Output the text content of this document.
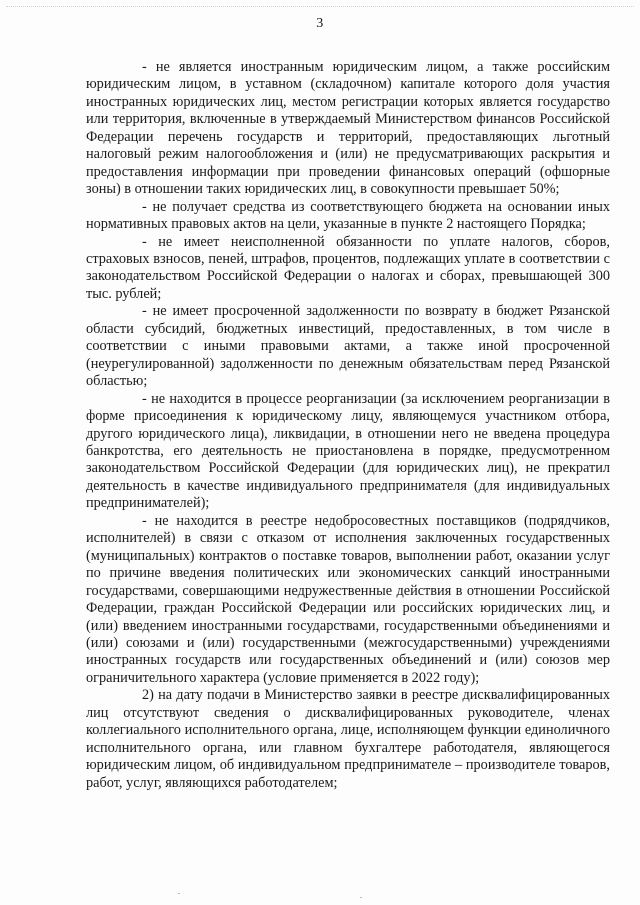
3

- не является иностранным юридическим лицом, а также российским юридическим лицом, в уставном (складочном) капитале которого доля участия иностранных юридических лиц, местом регистрации которых является государство или территория, включенные в утверждаемый Министерством финансов Российской Федерации перечень государств и территорий, предоставляющих льготный налоговый режим налогообложения и (или) не предусматривающих раскрытия и предоставления информации при проведении финансовых операций (офшорные зоны) в отношении таких юридических лиц, в совокупности превышает 50%;

- не получает средства из соответствующего бюджета на основании иных нормативных правовых актов на цели, указанные в пункте 2 настоящего Порядка;

- не имеет неисполненной обязанности по уплате налогов, сборов, страховых взносов, пеней, штрафов, процентов, подлежащих уплате в соответствии с законодательством Российской Федерации о налогах и сборах, превышающей 300 тыс. рублей;

- не имеет просроченной задолженности по возврату в бюджет Рязанской области субсидий, бюджетных инвестиций, предоставленных, в том числе в соответствии с иными правовыми актами, а также иной просроченной (неурегулированной) задолженности по денежным обязательствам перед Рязанской областью;

- не находится в процессе реорганизации (за исключением реорганизации в форме присоединения к юридическому лицу, являющемуся участником отбора, другого юридического лица), ликвидации, в отношении него не введена процедура банкротства, его деятельность не приостановлена в порядке, предусмотренном законодательством Российской Федерации (для юридических лиц), не прекратил деятельность в качестве индивидуального предпринимателя (для индивидуальных предпринимателей);

- не находится в реестре недобросовестных поставщиков (подрядчиков, исполнителей) в связи с отказом от исполнения заключенных государственных (муниципальных) контрактов о поставке товаров, выполнении работ, оказании услуг по причине введения политических или экономических санкций иностранными государствами, совершающими недружественные действия в отношении Российской Федерации, граждан Российской Федерации или российских юридических лиц, и (или) введением иностранными государствами, государственными объединениями и (или) союзами и (или) государственными (межгосударственными) учреждениями иностранных государств или государственных объединений и (или) союзов мер ограничительного характера (условие применяется в 2022 году);

2) на дату подачи в Министерство заявки в реестре дисквалифицированных лиц отсутствуют сведения о дисквалифицированных руководителе, членах коллегиального исполнительного органа, лице, исполняющем функции единоличного исполнительного органа, или главном бухгалтере работодателя, являющегося юридическим лицом, об индивидуальном предпринимателе – производителе товаров, работ, услуг, являющихся работодателем;
